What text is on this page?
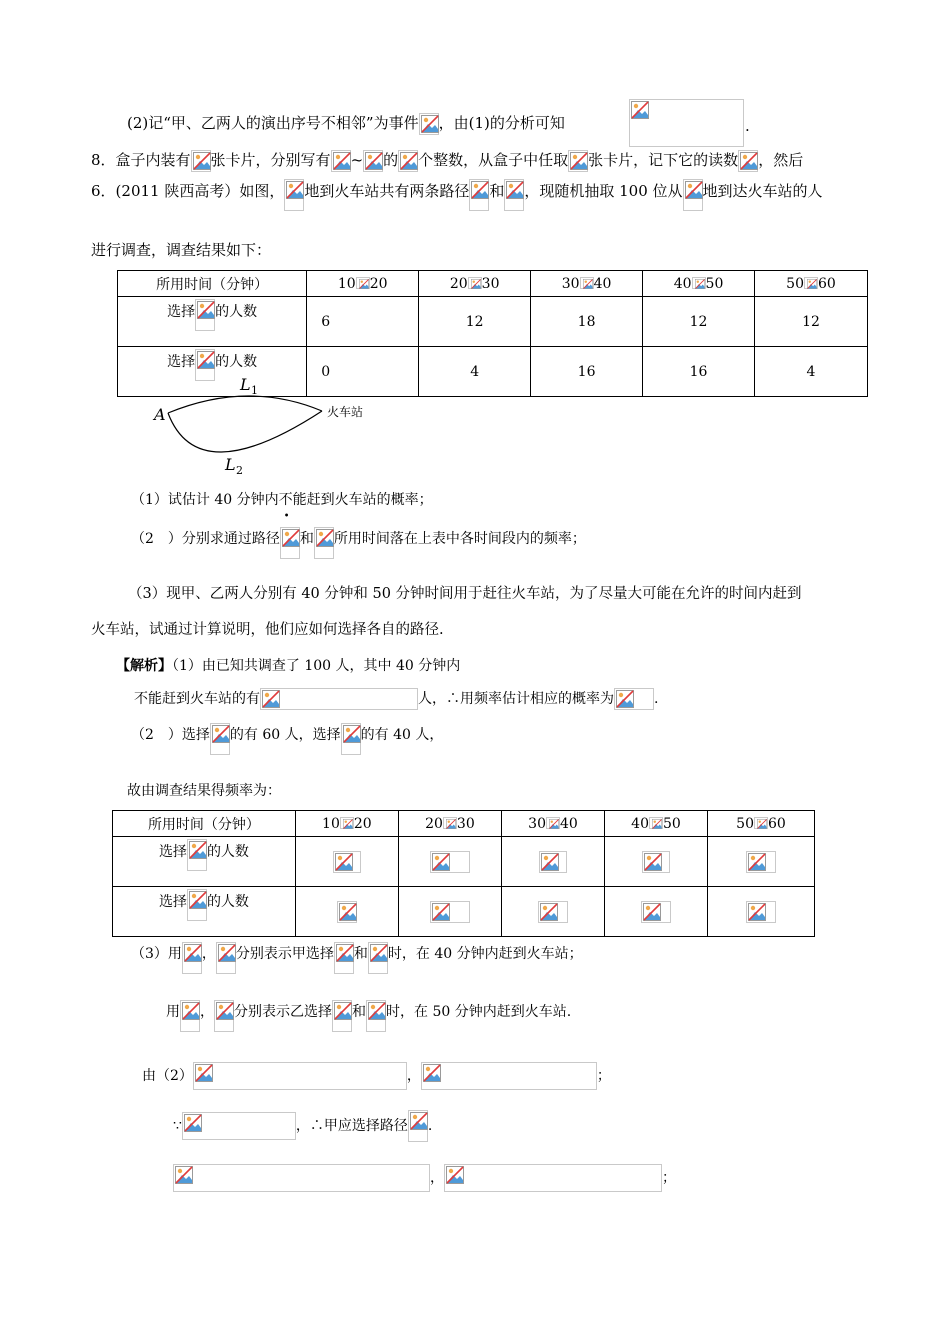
(2)记“甲、乙两人的演出序号不相邻”为事件 ，由(1)的分析可知	.
8．盒子内装有 张卡片，分别写有 ~ 的 个整数，从盒子中任取 张卡片，记下它的读数 ，然后
6．(2011 陕西高考）如图， 地到火车站共有两条路径 和 ，现随机抽取 100 位从 地到达火车站的人
进行调查，调查结果如下：
所用时间（分钟）	10 20	20 30	30 40	40 50	50 60
选择 的人数	6	12	18	12	12
选择 的人数	0	4	16	16	4
A
L 1
L 2
火车站
（1）试估计 40 分钟内不
•
能赶到火车站的概率；
（2　）分别求通过路径 和 所用时间落在上表中各时间段内的频率；
（3）现甲、乙两人分别有 40 分钟和 50 分钟时间用于赶往火车站，为了尽量大可能在允许的时间内赶到
火车站，试通过计算说明，他们应如何选择各自的路径.
【解析】（1）由已知共调查了 100 人，其中 40 分钟内
不能赶到火车站的有	人，∴用频率估计相应的概率为	.
（2　）选择 的有 60 人，选择 的有 40 人，
故由调查结果得频率为：
所用时间（分钟）	10 20	20 30	30 40	40 50	50 60
选择 的人数	

选择 的人数	

（3）用 ， 分别表示甲选择 和 时，在 40 分钟内赶到火车站；
用 ， 分别表示乙选择 和 时，在 50 分钟内赶到火车站.
由（2）	，	；
∵	，∴甲应选择路径 .
，	；
